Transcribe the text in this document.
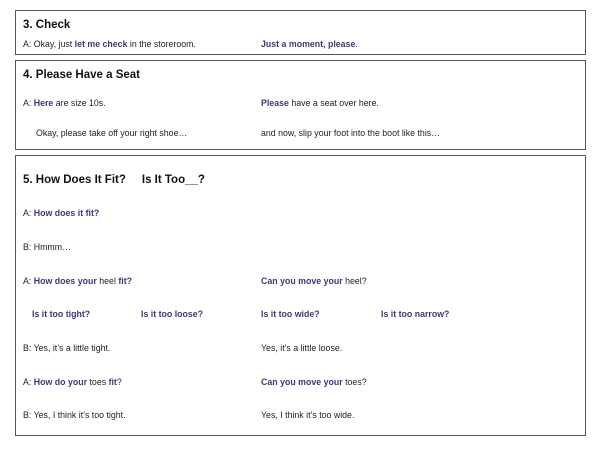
3. Check
A: Okay, just let me check in the storeroom.	Just a moment, please.
4. Please Have a Seat
A: Here are size 10s.	Please have a seat over here.
Okay, please take off your right shoe…	and now, slip your foot into the boot like this…
5. How Does It Fit? Is It Too__?
A: How does it fit?
B: Hmmm…
A: How does your heel fit?	Can you move your heel?
Is it too tight?	Is it too loose?	Is it too wide?	Is it too narrow?
B: Yes, it’s a little tight.	Yes, it’s a little loose.
A: How do your toes fit?	Can you move your toes?
B: Yes, I think it’s too tight.	Yes, I think it’s too wide.
